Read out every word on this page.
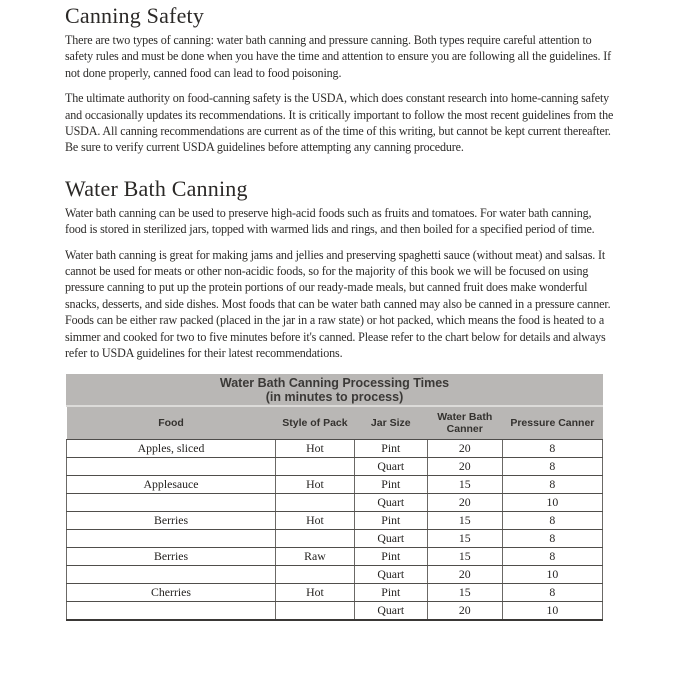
Canning Safety

There are two types of canning: water bath canning and pressure canning. Both types require careful attention to safety rules and must be done when you have the time and attention to ensure you are following all the guidelines. If not done properly, canned food can lead to food poisoning.

The ultimate authority on food-canning safety is the USDA, which does constant research into home-canning safety and occasionally updates its recommendations. It is critically important to follow the most recent guidelines from the USDA. All canning recommendations are current as of the time of this writing, but cannot be kept current thereafter. Be sure to verify current USDA guidelines before attempting any canning procedure.

Water Bath Canning

Water bath canning can be used to preserve high-acid foods such as fruits and tomatoes. For water bath canning, food is stored in sterilized jars, topped with warmed lids and rings, and then boiled for a specified period of time.

Water bath canning is great for making jams and jellies and preserving spaghetti sauce (without meat) and salsas. It cannot be used for meats or other non-acidic foods, so for the majority of this book we will be focused on using pressure canning to put up the protein portions of our ready-made meals, but canned fruit does make wonderful snacks, desserts, and side dishes. Most foods that can be water bath canned may also be canned in a pressure canner. Foods can be either raw packed (placed in the jar in a raw state) or hot packed, which means the food is heated to a simmer and cooked for two to five minutes before it's canned. Please refer to the chart below for details and always refer to USDA guidelines for their latest recommendations.

Water Bath Canning Processing Times
(in minutes to process)
Food	Style of Pack	Jar Size	Water Bath Canner	Pressure Canner
Apples, sliced	Hot	Pint	20	8
		Quart	20	8
Applesauce	Hot	Pint	15	8
		Quart	20	10
Berries	Hot	Pint	15	8
		Quart	15	8
Berries	Raw	Pint	15	8
		Quart	20	10
Cherries	Hot	Pint	15	8
		Quart	20	10
